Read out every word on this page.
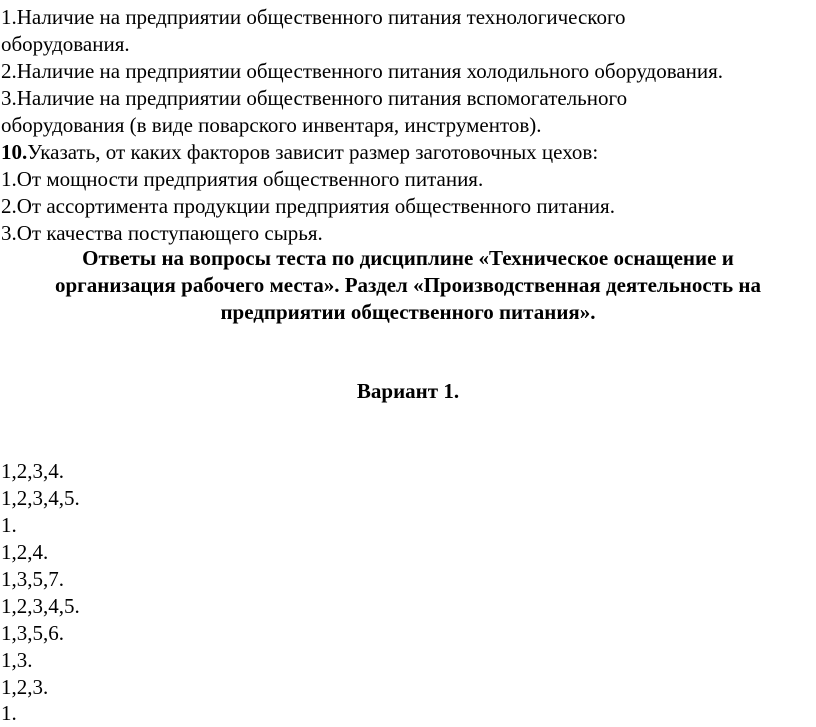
1.Наличие на предприятии общественного питания технологического
оборудования.
2.Наличие на предприятии общественного питания холодильного оборудования.
3.Наличие на предприятии общественного питания вспомогательного
оборудования (в виде поварского инвентаря, инструментов).
10.Указать, от каких факторов зависит размер заготовочных цехов:
1.От мощности предприятия общественного питания.
2.От ассортимента продукции предприятия общественного питания.
3.От качества поступающего сырья.
Ответы на вопросы теста по дисциплине «Техническое оснащение и
организация рабочего места». Раздел «Производственная деятельность на
предприятии общественного питания».
Вариант 1.
1,2,3,4.
1,2,3,4,5.
1.
1,2,4.
1,3,5,7.
1,2,3,4,5.
1,3,5,6.
1,3.
1,2,3.
1.
